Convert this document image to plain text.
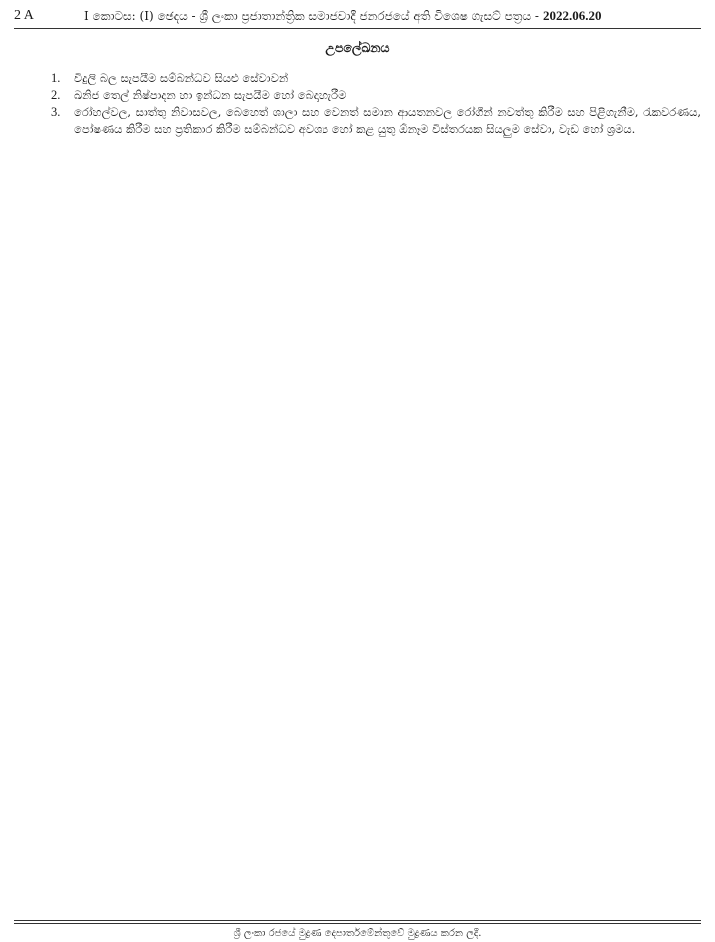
2 A	I කොටස: (I) ඡෙදය - ශ්‍රී ලංකා ප්‍රජාතාන්ත්‍රික සමාජවාදී ජනරජයේ අති විශෙෂ ගැසට් පත්‍රය - 2022.06.20
උපලේඛනය
1. විදුලි බල සැපයීම සම්බන්ධව සියළු සේවාවන්
2. ඛනිජ තෙල් නිෂ්පාදන හා ඉන්ධන සැපයීම හෝ බෙදාහැරීම
3. රෝහල්වල, සාත්තු නිවාසවල, බෙහෙත් ශාලා සහ වෙනත් සමාන ආයතනවල රෝගීන් නවත්තු කිරීම සහ පිළිගැනීම, රැකවරණය, පෝෂණය කිරීම සහ ප්‍රතිකාර කිරීම සම්බන්ධව අවශ්‍ය හෝ කළ යුතු ඕනෑම විස්තරයක සියලුම සේවා, වැඩ හෝ ශ්‍රමය.
ශ්‍රී ලංකා රජයේ මුද්‍රණ දෙපාර්තමේන්තුවේ මුද්‍රණය කරන ලදී.
